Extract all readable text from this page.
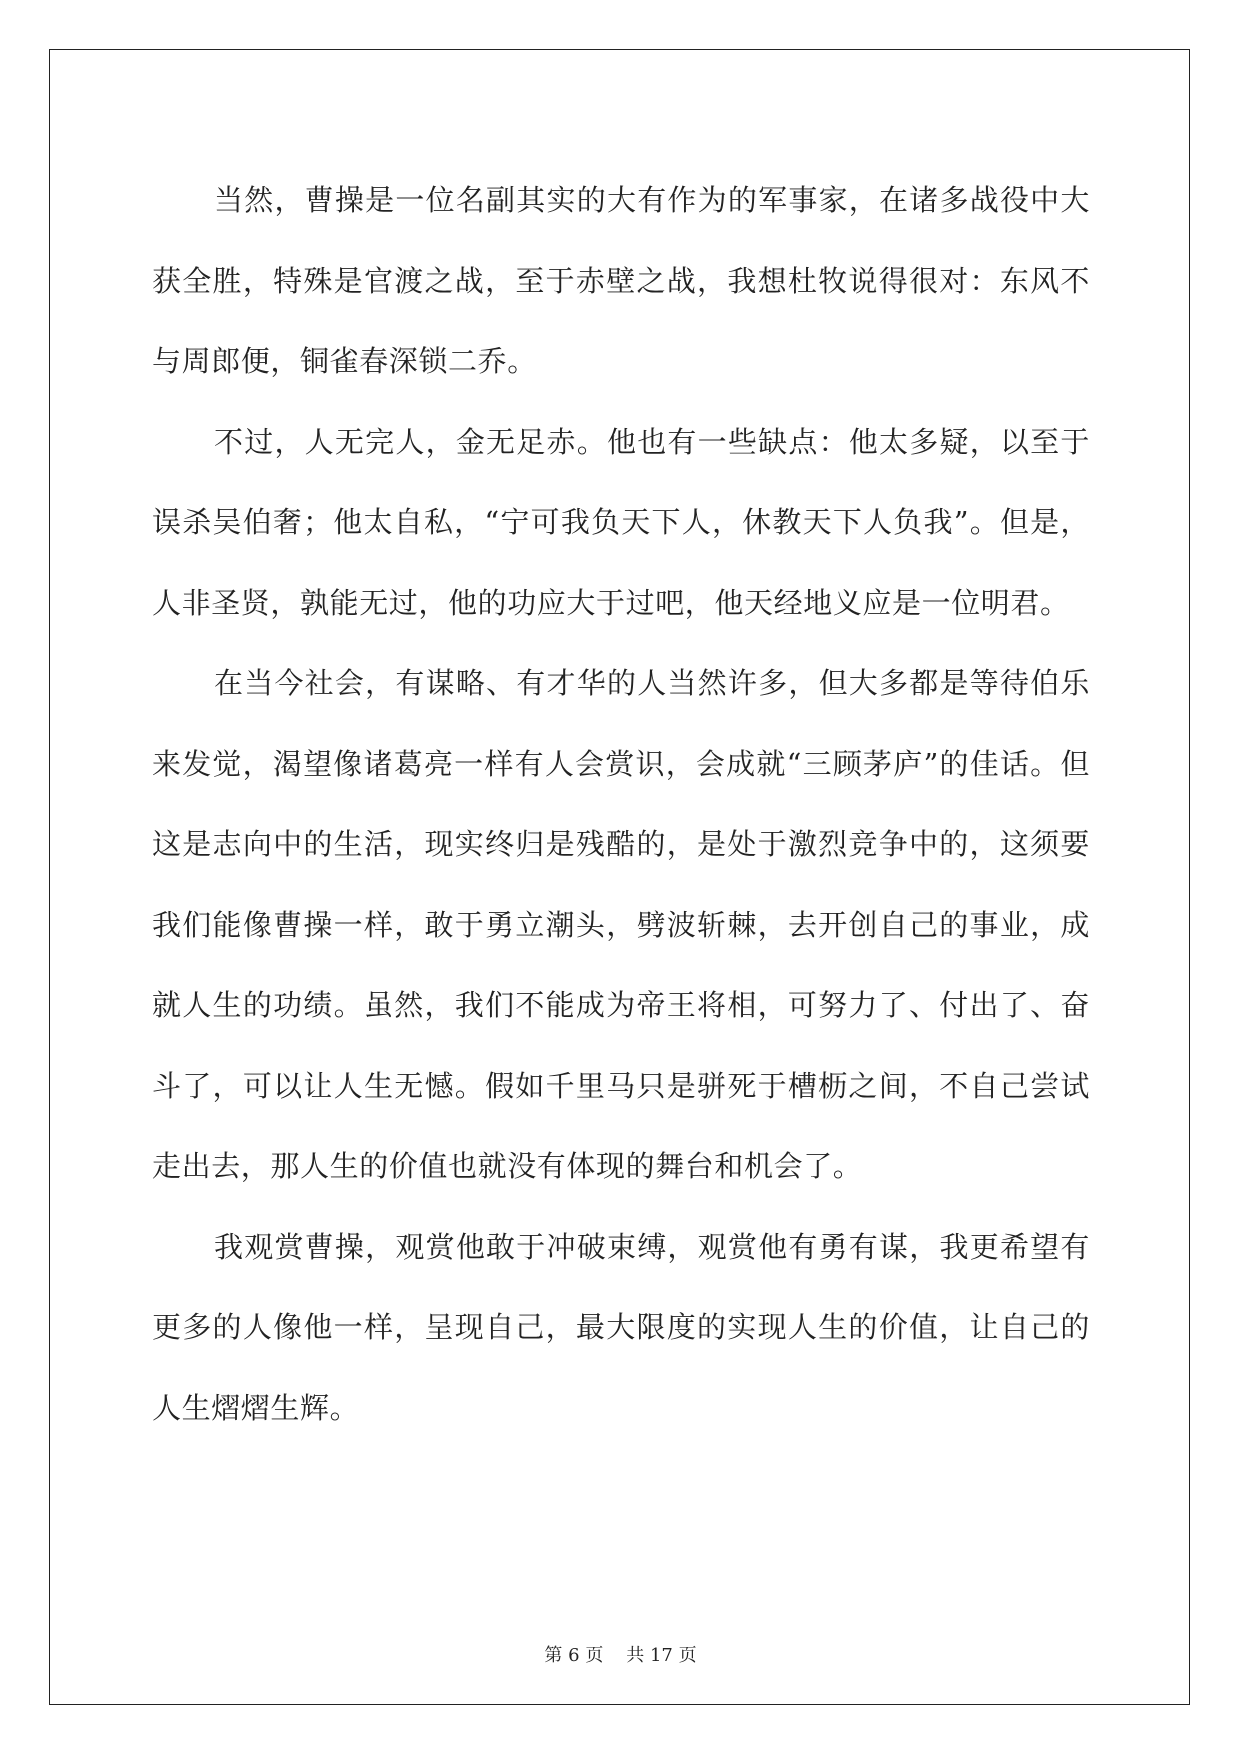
当然，曹操是一位名副其实的大有作为的军事家，在诸多战役中大获全胜，特殊是官渡之战，至于赤壁之战，我想杜牧说得很对：东风不与周郎便，铜雀春深锁二乔。

不过，人无完人，金无足赤。他也有一些缺点：他太多疑，以至于误杀吴伯奢；他太自私，“宁可我负天下人，休教天下人负我”。但是，人非圣贤，孰能无过，他的功应大于过吧，他天经地义应是一位明君。

在当今社会，有谋略、有才华的人当然许多，但大多都是等待伯乐来发觉，渴望像诸葛亮一样有人会赏识，会成就“三顾茅庐”的佳话。但这是志向中的生活，现实终归是残酷的，是处于激烈竞争中的，这须要我们能像曹操一样，敢于勇立潮头，劈波斩棘，去开创自己的事业，成就人生的功绩。虽然，我们不能成为帝王将相，可努力了、付出了、奋斗了，可以让人生无憾。假如千里马只是骈死于槽枥之间，不自己尝试走出去，那人生的价值也就没有体现的舞台和机会了。

我观赏曹操，观赏他敢于冲破束缚，观赏他有勇有谋，我更希望有更多的人像他一样，呈现自己，最大限度的实现人生的价值，让自己的人生熠熠生辉。

第 6 页 共 17 页
